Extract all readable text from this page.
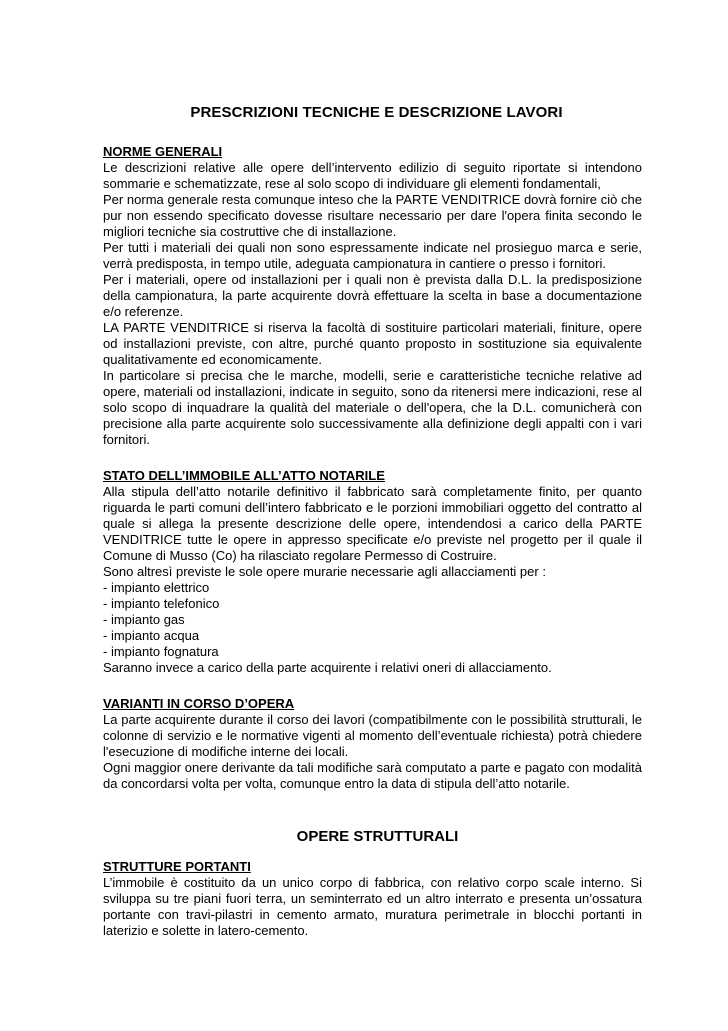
PRESCRIZIONI TECNICHE E DESCRIZIONE LAVORI
NORME GENERALI

Le descrizioni relative alle opere dell’intervento edilizio di seguito riportate si intendono sommarie e schematizzate, rese al solo scopo di individuare gli elementi fondamentali,

Per norma generale resta comunque inteso che la PARTE VENDITRICE dovrà fornire ciò che pur non essendo specificato dovesse risultare necessario per dare l'opera finita secondo le migliori tecniche sia costruttive che di installazione.

Per tutti i materiali dei quali non sono espressamente indicate nel prosieguo marca e serie, verrà predisposta, in tempo utile, adeguata campionatura in cantiere o presso i fornitori.

Per i materiali, opere od installazioni per i quali non è prevista dalla D.L. la predisposizione della campionatura, la parte acquirente dovrà effettuare la scelta in base a documentazione e/o referenze.

LA PARTE VENDITRICE si riserva la facoltà di sostituire particolari materiali, finiture, opere od installazioni previste, con altre, purché quanto proposto in sostituzione sia equivalente qualitativamente ed economicamente.

In particolare si precisa che le marche, modelli, serie e caratteristiche tecniche relative ad opere, materiali od installazioni, indicate in seguito, sono da ritenersi mere indicazioni, rese al solo scopo di inquadrare la qualità del materiale o dell'opera, che la D.L. comunicherà con precisione alla parte acquirente solo successivamente alla definizione degli appalti con i vari fornitori.

STATO DELL’IMMOBILE ALL’ATTO NOTARILE

Alla stipula dell’atto notarile definitivo il fabbricato sarà completamente finito, per quanto riguarda le parti comuni dell’intero fabbricato e le porzioni immobiliari oggetto del contratto al quale si allega la presente descrizione delle opere, intendendosi a carico della PARTE VENDITRICE tutte le opere in appresso specificate e/o previste nel progetto per il quale il Comune di Musso (Co) ha rilasciato regolare Permesso di Costruire.

Sono altresì previste le sole opere murarie necessarie agli allacciamenti per :

- impianto elettrico
- impianto telefonico
- impianto gas
- impianto acqua
- impianto fognatura

Saranno invece a carico della parte acquirente i relativi oneri di allacciamento.

VARIANTI IN CORSO D’OPERA

La parte acquirente durante il corso dei lavori (compatibilmente con le possibilità strutturali, le colonne di servizio e le normative vigenti al momento dell’eventuale richiesta) potrà chiedere l'esecuzione di modifiche interne dei locali.

Ogni maggior onere derivante da tali modifiche sarà computato a parte e pagato con modalità da concordarsi volta per volta, comunque entro la data di stipula dell’atto notarile.

OPERE STRUTTURALI
STRUTTURE PORTANTI

L’immobile è costituito da un unico corpo di fabbrica, con relativo corpo scale interno. Si sviluppa su tre piani fuori terra, un seminterrato ed un altro interrato e presenta un’ossatura portante con travi-pilastri in cemento armato, muratura perimetrale in blocchi portanti in laterizio e solette in latero-cemento.
